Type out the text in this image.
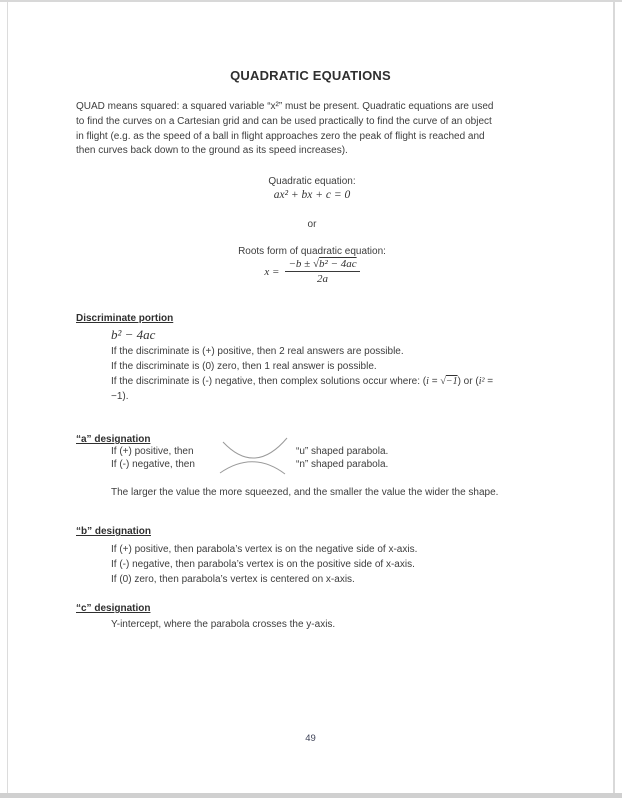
QUADRATIC EQUATIONS
QUAD means squared: a squared variable “x²” must be present. Quadratic equations are used
to find the curves on a Cartesian grid and can be used practically to find the curve of an object
in flight (e.g. as the speed of a ball in flight approaches zero the peak of flight is reached and
then curves back down to the ground as its speed increases).
Quadratic equation:
ax² + bx + c = 0
or
Roots form of quadratic equation:
$x = \frac{\text{−b ± √b² − 4ac}}{2a}$
Discriminate portion
b² − 4ac
If the discriminate is (+) positive, then 2 real answers are possible.
If the discriminate is (0) zero, then 1 real answer is possible.
If the discriminate is (-) negative, then complex solutions occur where: (i = √−1) or (i² =
−1).
“a” designation
If (+) positive, then	“u” shaped parabola.
If (-) negative, then	“n” shaped parabola.
The larger the value the more squeezed, and the smaller the value the wider the shape.
“b” designation
If (+) positive, then parabola’s vertex is on the negative side of x-axis.
If (-) negative, then parabola’s vertex is on the positive side of x-axis.
If (0) zero, then parabola’s vertex is centered on x-axis.
“c” designation
Y-intercept, where the parabola crosses the y-axis.
49
